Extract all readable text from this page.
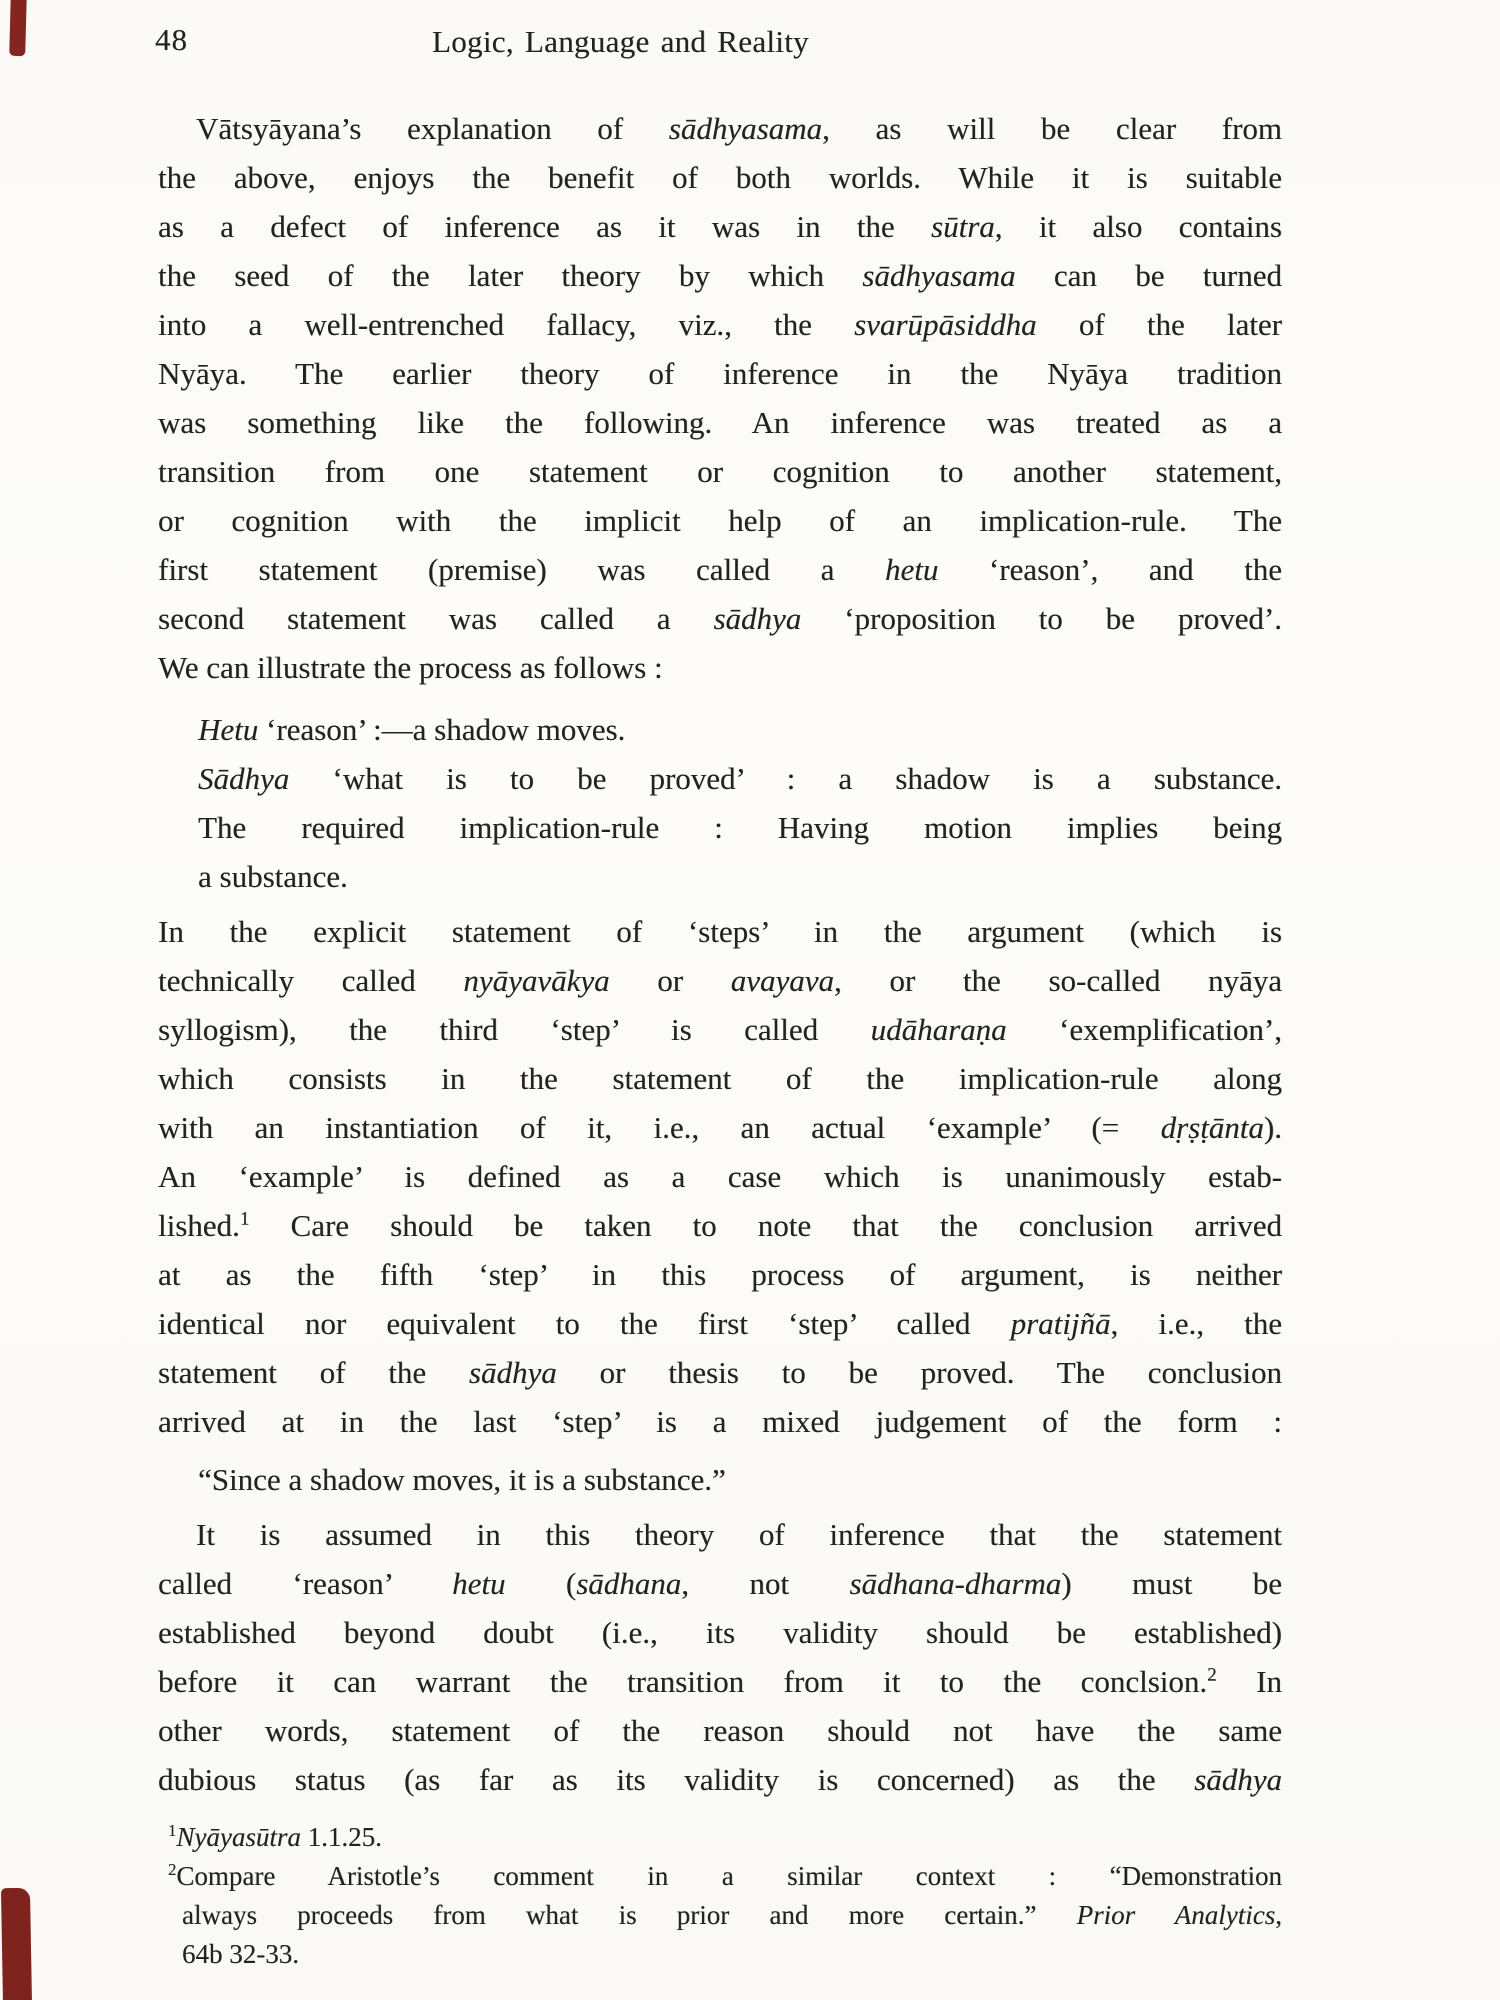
48	Logic, Language and Reality
Vātsyāyana’s explanation of sādhyasama, as will be clear from
the above, enjoys the benefit of both worlds. While it is suitable
as a defect of inference as it was in the sūtra, it also contains
the seed of the later theory by which sādhyasama can be turned
into a well-entrenched fallacy, viz., the svarūpāsiddha of the later
Nyāya. The earlier theory of inference in the Nyāya tradition
was something like the following. An inference was treated as a
transition from one statement or cognition to another statement,
or cognition with the implicit help of an implication-rule. The
first statement (premise) was called a hetu ‘reason’, and the
second statement was called a sādhya ‘proposition to be proved’.
We can illustrate the process as follows :
Hetu ‘reason’ :—a shadow moves.
Sādhya ‘what is to be proved’ : a shadow is a substance.
The required implication-rule : Having motion implies being
a substance.
In the explicit statement of ‘steps’ in the argument (which is
technically called nyāyavākya or avayava, or the so-called nyāya
syllogism), the third ‘step’ is called udāharaṇa ‘exemplification’,
which consists in the statement of the implication-rule along
with an instantiation of it, i.e., an actual ‘example’ (= dṛṣṭānta).
An ‘example’ is defined as a case which is unanimously estab-
lished.$^1$ Care should be taken to note that the conclusion arrived
at as the fifth ‘step’ in this process of argument, is neither
identical nor equivalent to the first ‘step’ called pratijñā, i.e., the
statement of the sādhya or thesis to be proved. The conclusion
arrived at in the last ‘step’ is a mixed judgement of the form :
“Since a shadow moves, it is a substance.”
It is assumed in this theory of inference that the statement
called ‘reason’ hetu (sādhana, not sādhana-dharma) must be
established beyond doubt (i.e., its validity should be established)
before it can warrant the transition from it to the conclsion.$^2$ In
other words, statement of the reason should not have the same
dubious status (as far as its validity is concerned) as the sādhya
$^1$Nyāyasūtra 1.1.25.
$^2$Compare Aristotle’s comment in a similar context : “Demonstration
always proceeds from what is prior and more certain.” Prior Analytics,
64b 32-33.
